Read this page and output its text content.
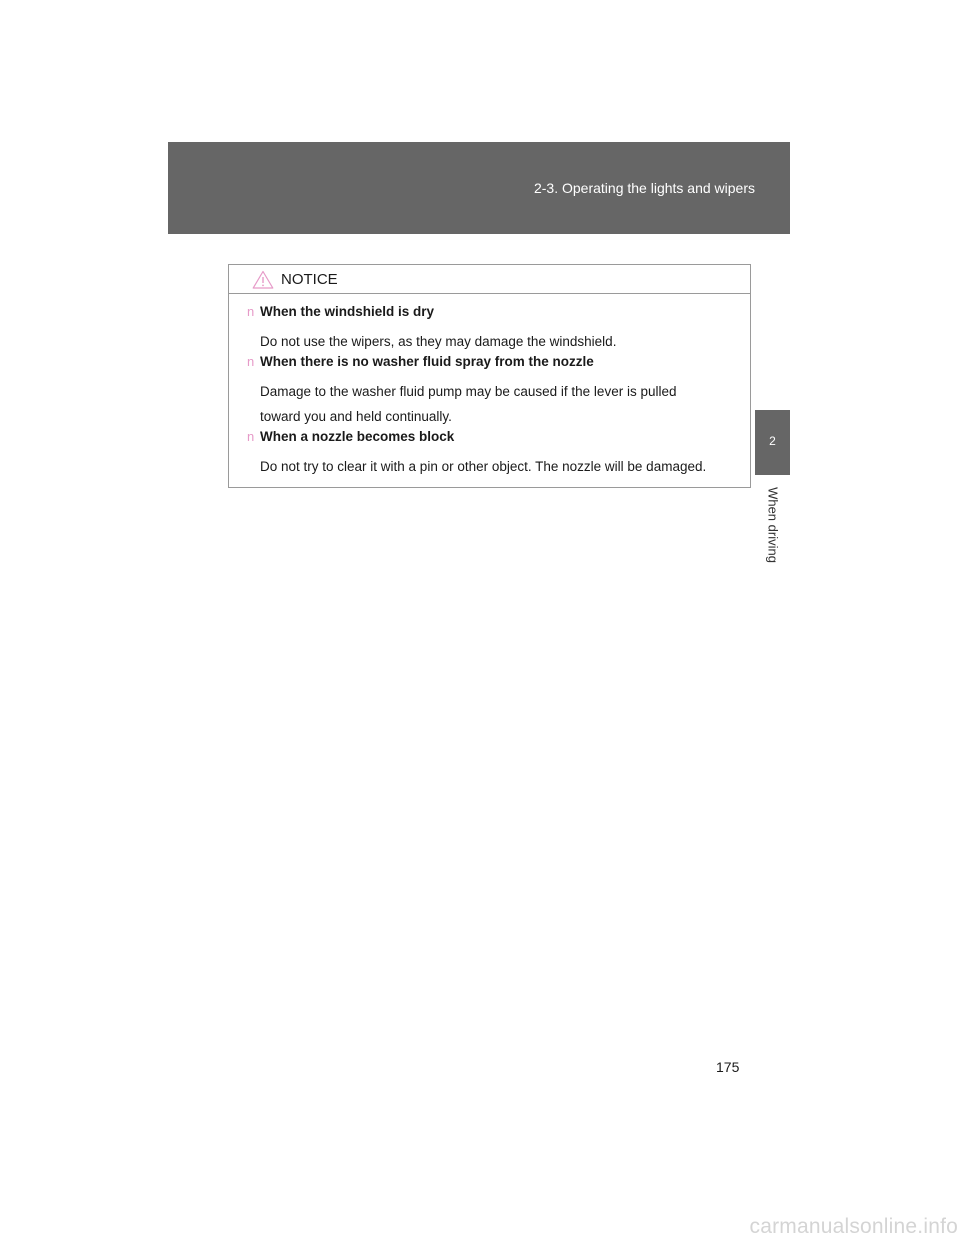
2-3. Operating the lights and wipers
2
When driving
NOTICE
n When the windshield is dry

Do not use the wipers, as they may damage the windshield.

n When there is no washer fluid spray from the nozzle

Damage to the washer fluid pump may be caused if the lever is pulled

toward you and held continually.

n When a nozzle becomes block

Do not try to clear it with a pin or other object. The nozzle will be damaged.

175
carmanualsonline.info
